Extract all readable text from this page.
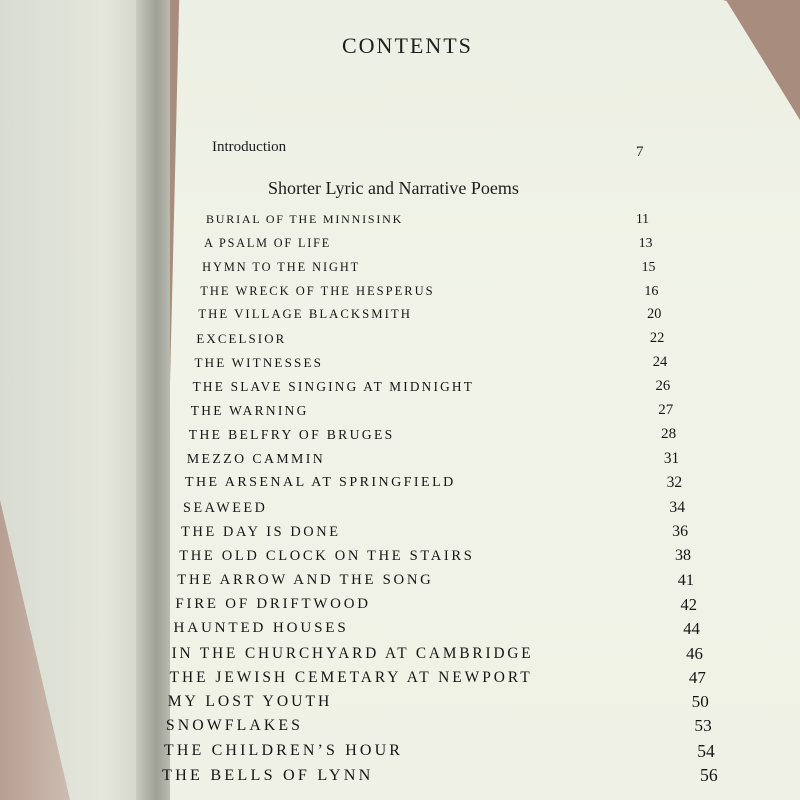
CONTENTS
Introduction	7
Shorter Lyric and Narrative Poems
BURIAL OF THE MINNISINK	11
A PSALM OF LIFE	13
HYMN TO THE NIGHT	15
THE WRECK OF THE HESPERUS	16
THE VILLAGE BLACKSMITH	20
EXCELSIOR	22
THE WITNESSES	24
THE SLAVE SINGING AT MIDNIGHT	26
THE WARNING	27
THE BELFRY OF BRUGES	28
MEZZO CAMMIN	31
THE ARSENAL AT SPRINGFIELD	32
SEAWEED	34
THE DAY IS DONE	36
THE OLD CLOCK ON THE STAIRS	38
THE ARROW AND THE SONG	41
FIRE OF DRIFTWOOD	42
HAUNTED HOUSES	44
IN THE CHURCHYARD AT CAMBRIDGE	46
THE JEWISH CEMETARY AT NEWPORT	47
MY LOST YOUTH	50
SNOWFLAKES	53
THE CHILDREN’S HOUR	54
THE BELLS OF LYNN	56
